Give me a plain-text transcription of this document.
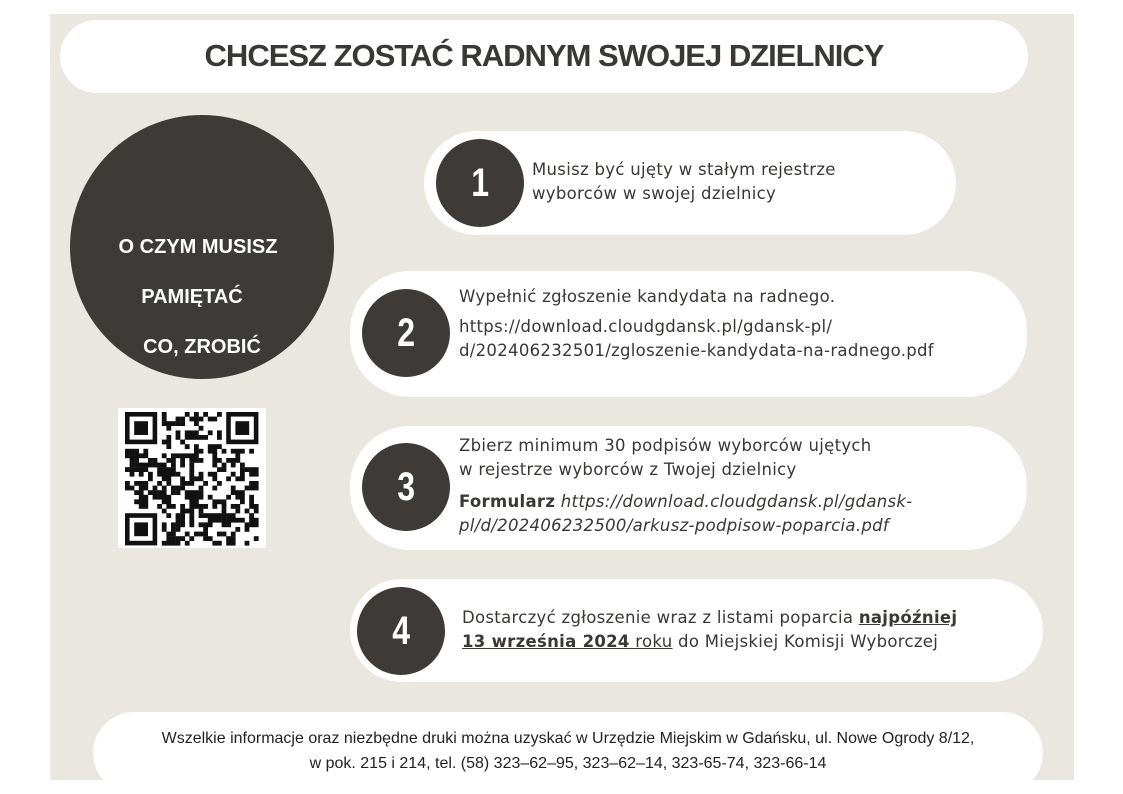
CHCESZ ZOSTAĆ RADNYM SWOJEJ DZIELNICY

O CZYM MUSISZ

PAMIĘTAĆ

CO, ZROBIĆ

1	Musisz być ujęty w stałym rejestrze

wyborców w swojej dzielnicy

2

Wypełnić zgłoszenie kandydata na radnego.

https://download.cloudgdansk.pl/gdansk-pl/

d/202406232501/zgloszenie-kandydata-na-radnego.pdf

3

Zbierz minimum 30 podpisów wyborców ujętych

w rejestrze wyborców z Twojej dzielnicy

Formularz https://download.cloudgdansk.pl/gdansk-

pl/d/202406232500/arkusz-podpisow-poparcia.pdf

4	Dostarczyć zgłoszenie wraz z listami poparcia najpóźniej

13 września 2024 roku do Miejskiej Komisji Wyborczej

Wszelkie informacje oraz niezbędne druki można uzyskać w Urzędzie Miejskim w Gdańsku, ul. Nowe Ogrody 8/12,
w pok. 215 i 214, tel. (58) 323–62–95, 323–62–14, 323-65-74, 323-66-14
